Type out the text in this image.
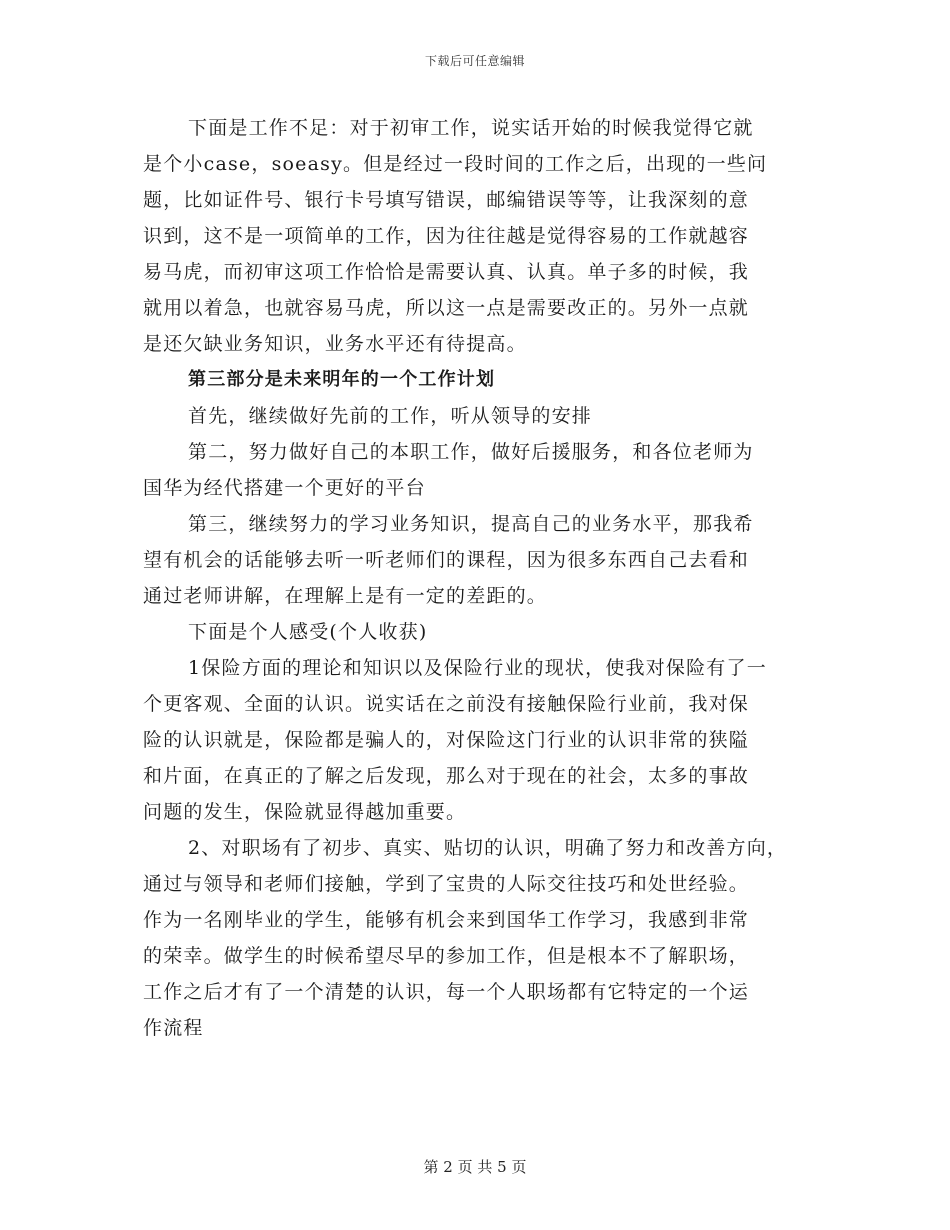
下载后可任意编辑
下面是工作不足：对于初审工作，说实话开始的时候我觉得它就
是个小case，soeasy。但是经过一段时间的工作之后，出现的一些问
题，比如证件号、银行卡号填写错误，邮编错误等等，让我深刻的意
识到，这不是一项简单的工作，因为往往越是觉得容易的工作就越容
易马虎，而初审这项工作恰恰是需要认真、认真。单子多的时候，我
就用以着急，也就容易马虎，所以这一点是需要改正的。另外一点就
是还欠缺业务知识，业务水平还有待提高。
第三部分是未来明年的一个工作计划
首先，继续做好先前的工作，听从领导的安排
第二，努力做好自己的本职工作，做好后援服务，和各位老师为
国华为经代搭建一个更好的平台
第三，继续努力的学习业务知识，提高自己的业务水平，那我希
望有机会的话能够去听一听老师们的课程，因为很多东西自己去看和
通过老师讲解，在理解上是有一定的差距的。
下面是个人感受(个人收获)
1保险方面的理论和知识以及保险行业的现状，使我对保险有了一
个更客观、全面的认识。说实话在之前没有接触保险行业前，我对保
险的认识就是，保险都是骗人的，对保险这门行业的认识非常的狭隘
和片面，在真正的了解之后发现，那么对于现在的社会，太多的事故
问题的发生，保险就显得越加重要。
2、对职场有了初步、真实、贴切的认识，明确了努力和改善方向，
通过与领导和老师们接触，学到了宝贵的人际交往技巧和处世经验。
作为一名刚毕业的学生，能够有机会来到国华工作学习，我感到非常
的荣幸。做学生的时候希望尽早的参加工作，但是根本不了解职场，
工作之后才有了一个清楚的认识，每一个人职场都有它特定的一个运
作流程
第 2 页 共 5 页
